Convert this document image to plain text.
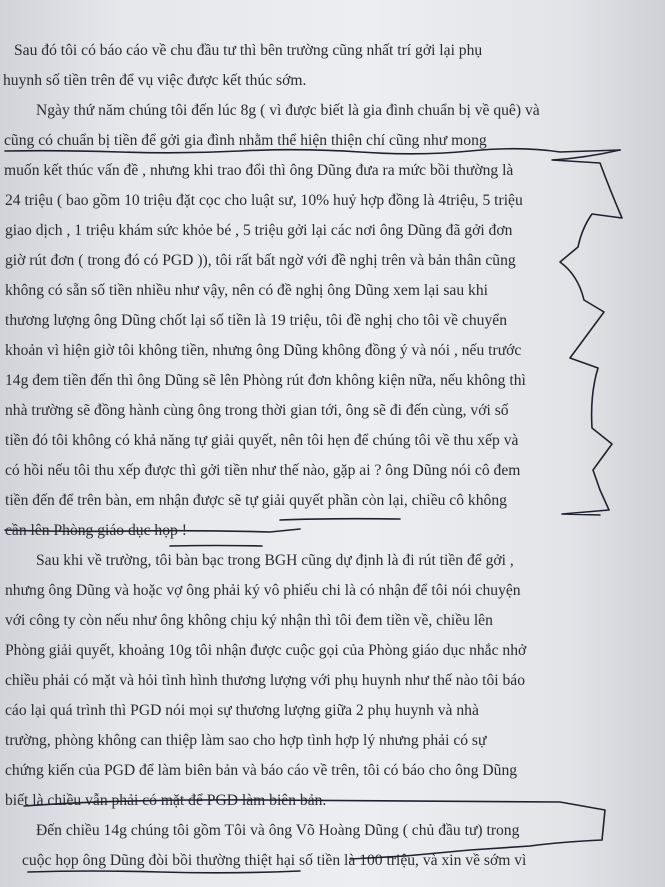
Sau đó tôi có báo cáo về chu đầu tư thì bên trường cũng nhất trí gởi lại phụ
huynh số tiền trên để vụ việc được kết thúc sớm.
Ngày thứ năm chúng tôi đến lúc 8g ( vì được biết là gia đình chuẩn bị về quê) và
cũng có chuẩn bị tiền để gởi gia đình nhằm thể hiện thiện chí cũng như mong
muốn kết thúc vấn đề , nhưng khi trao đổi thì ông Dũng đưa ra mức bồi thường là
24 triệu ( bao gồm 10 triệu đặt cọc cho luật sư, 10% huỷ hợp đồng là 4triệu, 5 triệu
giao dịch , 1 triệu khám sức khỏe bé , 5 triệu gởi lại các nơi ông Dũng đã gởi đơn
giờ rút đơn ( trong đó có PGD )), tôi rất bất ngờ với đề nghị trên và bản thân cũng
không có sẵn số tiền nhiều như vậy, nên có đề nghị ông Dũng xem lại sau khi
thương lượng ông Dũng chốt lại số tiền là 19 triệu, tôi đề nghị cho tôi về chuyển
khoản vì hiện giờ tôi không tiền, nhưng ông Dũng không đồng ý và nói , nếu trước
14g đem tiền đến thì ông Dũng sẽ lên Phòng rút đơn không kiện nữa, nếu không thì
nhà trường sẽ đồng hành cùng ông trong thời gian tới, ông sẽ đi đến cùng, với số
tiền đó tôi không có khả năng tự giải quyết, nên tôi hẹn để chúng tôi về thu xếp và
có hồi nếu tôi thu xếp được thì gởi tiền như thế nào, gặp ai ? ông Dũng nói cô đem
tiền đến để trên bàn, em nhận được sẽ tự giải quyết phần còn lại, chiều cô không
cần lên Phòng giáo dục họp !
Sau khi về trường, tôi bàn bạc trong BGH cũng dự định là đi rút tiền để gởi ,
nhưng ông Dũng và hoặc vợ ông phải ký vô phiếu chi là có nhận để tôi nói chuyện
với công ty còn nếu như ông không chịu ký nhận thì tôi đem tiền về, chiều lên
Phòng giải quyết, khoảng 10g tôi nhận được cuộc gọi của Phòng giáo dục nhắc nhở
chiều phải có mặt và hỏi tình hình thương lượng với phụ huynh như thế nào tôi báo
cáo lại quá trình thì PGD nói mọi sự thương lượng giữa 2 phụ huynh và nhà
trường, phòng không can thiệp làm sao cho hợp tình hợp lý nhưng phải có sự
chứng kiến của PGD để làm biên bản và báo cáo về trên, tôi có báo cho ông Dũng
biết là chiều vẫn phải có mặt để PGD làm biên bản.
Đến chiều 14g chúng tôi gồm Tôi và ông Võ Hoàng Dũng ( chủ đầu tư) trong
cuộc họp ông Dũng đòi bồi thường thiệt hại số tiền là 100 triệu, và xin về sớm vì
